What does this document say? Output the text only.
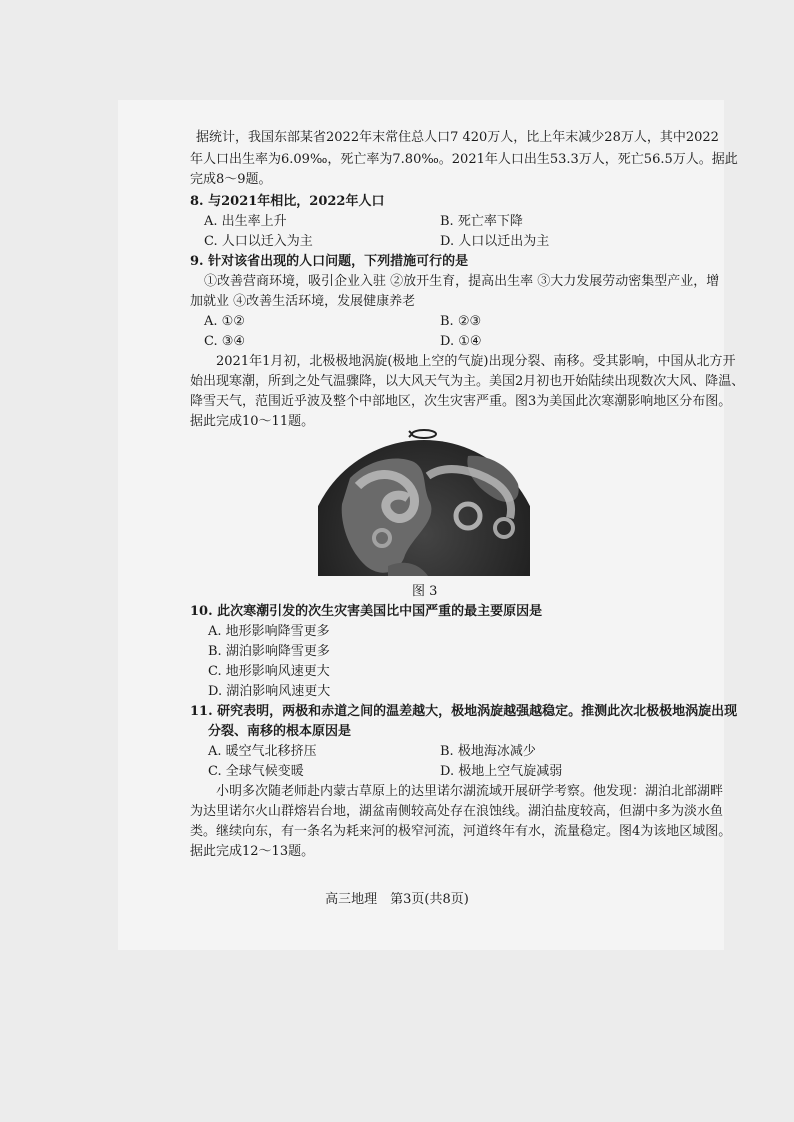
据统计，我国东部某省2022年末常住总人口7 420万人，比上年末减少28万人，其中2022
年人口出生率为6.09‰，死亡率为7.80‰。2021年人口出生53.3万人，死亡56.5万人。据此
完成8～9题。
8. 与2021年相比，2022年人口
A. 出生率上升	B. 死亡率下降
C. 人口以迁入为主	D. 人口以迁出为主
9. 针对该省出现的人口问题，下列措施可行的是
①改善营商环境，吸引企业入驻 ②放开生育，提高出生率 ③大力发展劳动密集型产业，增
加就业 ④改善生活环境，发展健康养老
A. ①②	B. ②③
C. ③④	D. ①④
2021年1月初，北极极地涡旋(极地上空的气旋)出现分裂、南移。受其影响，中国从北方开
始出现寒潮，所到之处气温骤降，以大风天气为主。美国2月初也开始陆续出现数次大风、降温、
降雪天气，范围近乎波及整个中部地区，次生灾害严重。图3为美国此次寒潮影响地区分布图。
据此完成10～11题。
图 3
10. 此次寒潮引发的次生灾害美国比中国严重的最主要原因是
A. 地形影响降雪更多
B. 湖泊影响降雪更多
C. 地形影响风速更大
D. 湖泊影响风速更大
11. 研究表明，两极和赤道之间的温差越大，极地涡旋越强越稳定。推测此次北极极地涡旋出现
分裂、南移的根本原因是
A. 暖空气北移挤压	B. 极地海冰减少
C. 全球气候变暖	D. 极地上空气旋减弱
小明多次随老师赴内蒙古草原上的达里诺尔湖流域开展研学考察。他发现：湖泊北部湖畔
为达里诺尔火山群熔岩台地，湖盆南侧较高处存在浪蚀线。湖泊盐度较高，但湖中多为淡水鱼
类。继续向东，有一条名为耗来河的极窄河流，河道终年有水，流量稳定。图4为该地区域图。
据此完成12～13题。
高三地理　第3页(共8页)
